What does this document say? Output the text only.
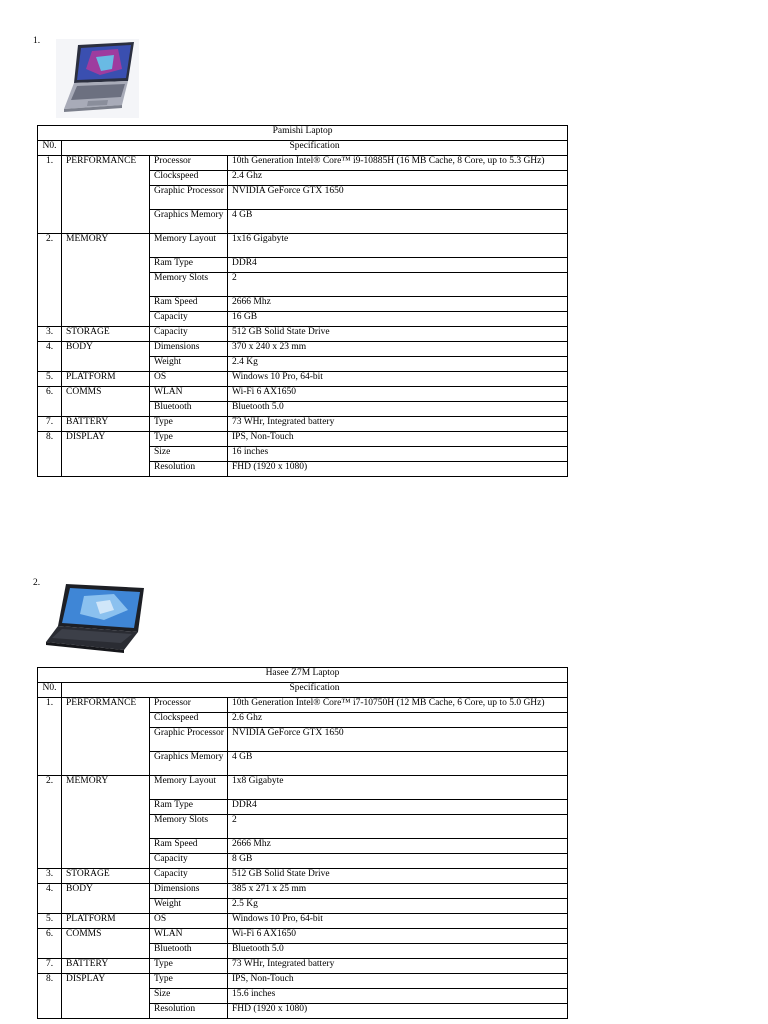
1.
Pamishi Laptop			
N0.	Specification		
1.	PERFORMANCE	Processor	10th Generation Intel® Core™ i9-10885H (16 MB Cache, 8 Core, up to 5.3 GHz)
		Clockspeed	2.4 Ghz
		Graphic Processor	NVIDIA GeForce GTX 1650
		Graphics Memory	4 GB
2.	MEMORY	Memory Layout	1x16 Gigabyte
		Ram Type	DDR4
		Memory Slots	2
		Ram Speed	2666 Mhz
		Capacity	16 GB
3.	STORAGE	Capacity	512 GB Solid State Drive
4.	BODY	Dimensions	370 x 240 x 23 mm
		Weight	2.4 Kg
5.	PLATFORM	OS	Windows 10 Pro, 64-bit
6.	COMMS	WLAN	Wi-Fi 6 AX1650
		Bluetooth	Bluetooth 5.0
7.	BATTERY	Type	73 WHr, Integrated battery
8.	DISPLAY	Type	IPS, Non-Touch
		Size	16 inches
		Resolution	FHD (1920 x 1080)
2.
Hasee Z7M Laptop			
N0.	Specification		
1.	PERFORMANCE	Processor	10th Generation Intel® Core™ i7-10750H (12 MB Cache, 6 Core, up to 5.0 GHz)
		Clockspeed	2.6 Ghz
		Graphic Processor	NVIDIA GeForce GTX 1650
		Graphics Memory	4 GB
2.	MEMORY	Memory Layout	1x8 Gigabyte
		Ram Type	DDR4
		Memory Slots	2
		Ram Speed	2666 Mhz
		Capacity	8 GB
3.	STORAGE	Capacity	512 GB Solid State Drive
4.	BODY	Dimensions	385 x 271 x 25 mm
		Weight	2.5 Kg
5.	PLATFORM	OS	Windows 10 Pro, 64-bit
6.	COMMS	WLAN	Wi-Fi 6 AX1650
		Bluetooth	Bluetooth 5.0
7.	BATTERY	Type	73 WHr, Integrated battery
8.	DISPLAY	Type	IPS, Non-Touch
		Size	15.6 inches
		Resolution	FHD (1920 x 1080)
